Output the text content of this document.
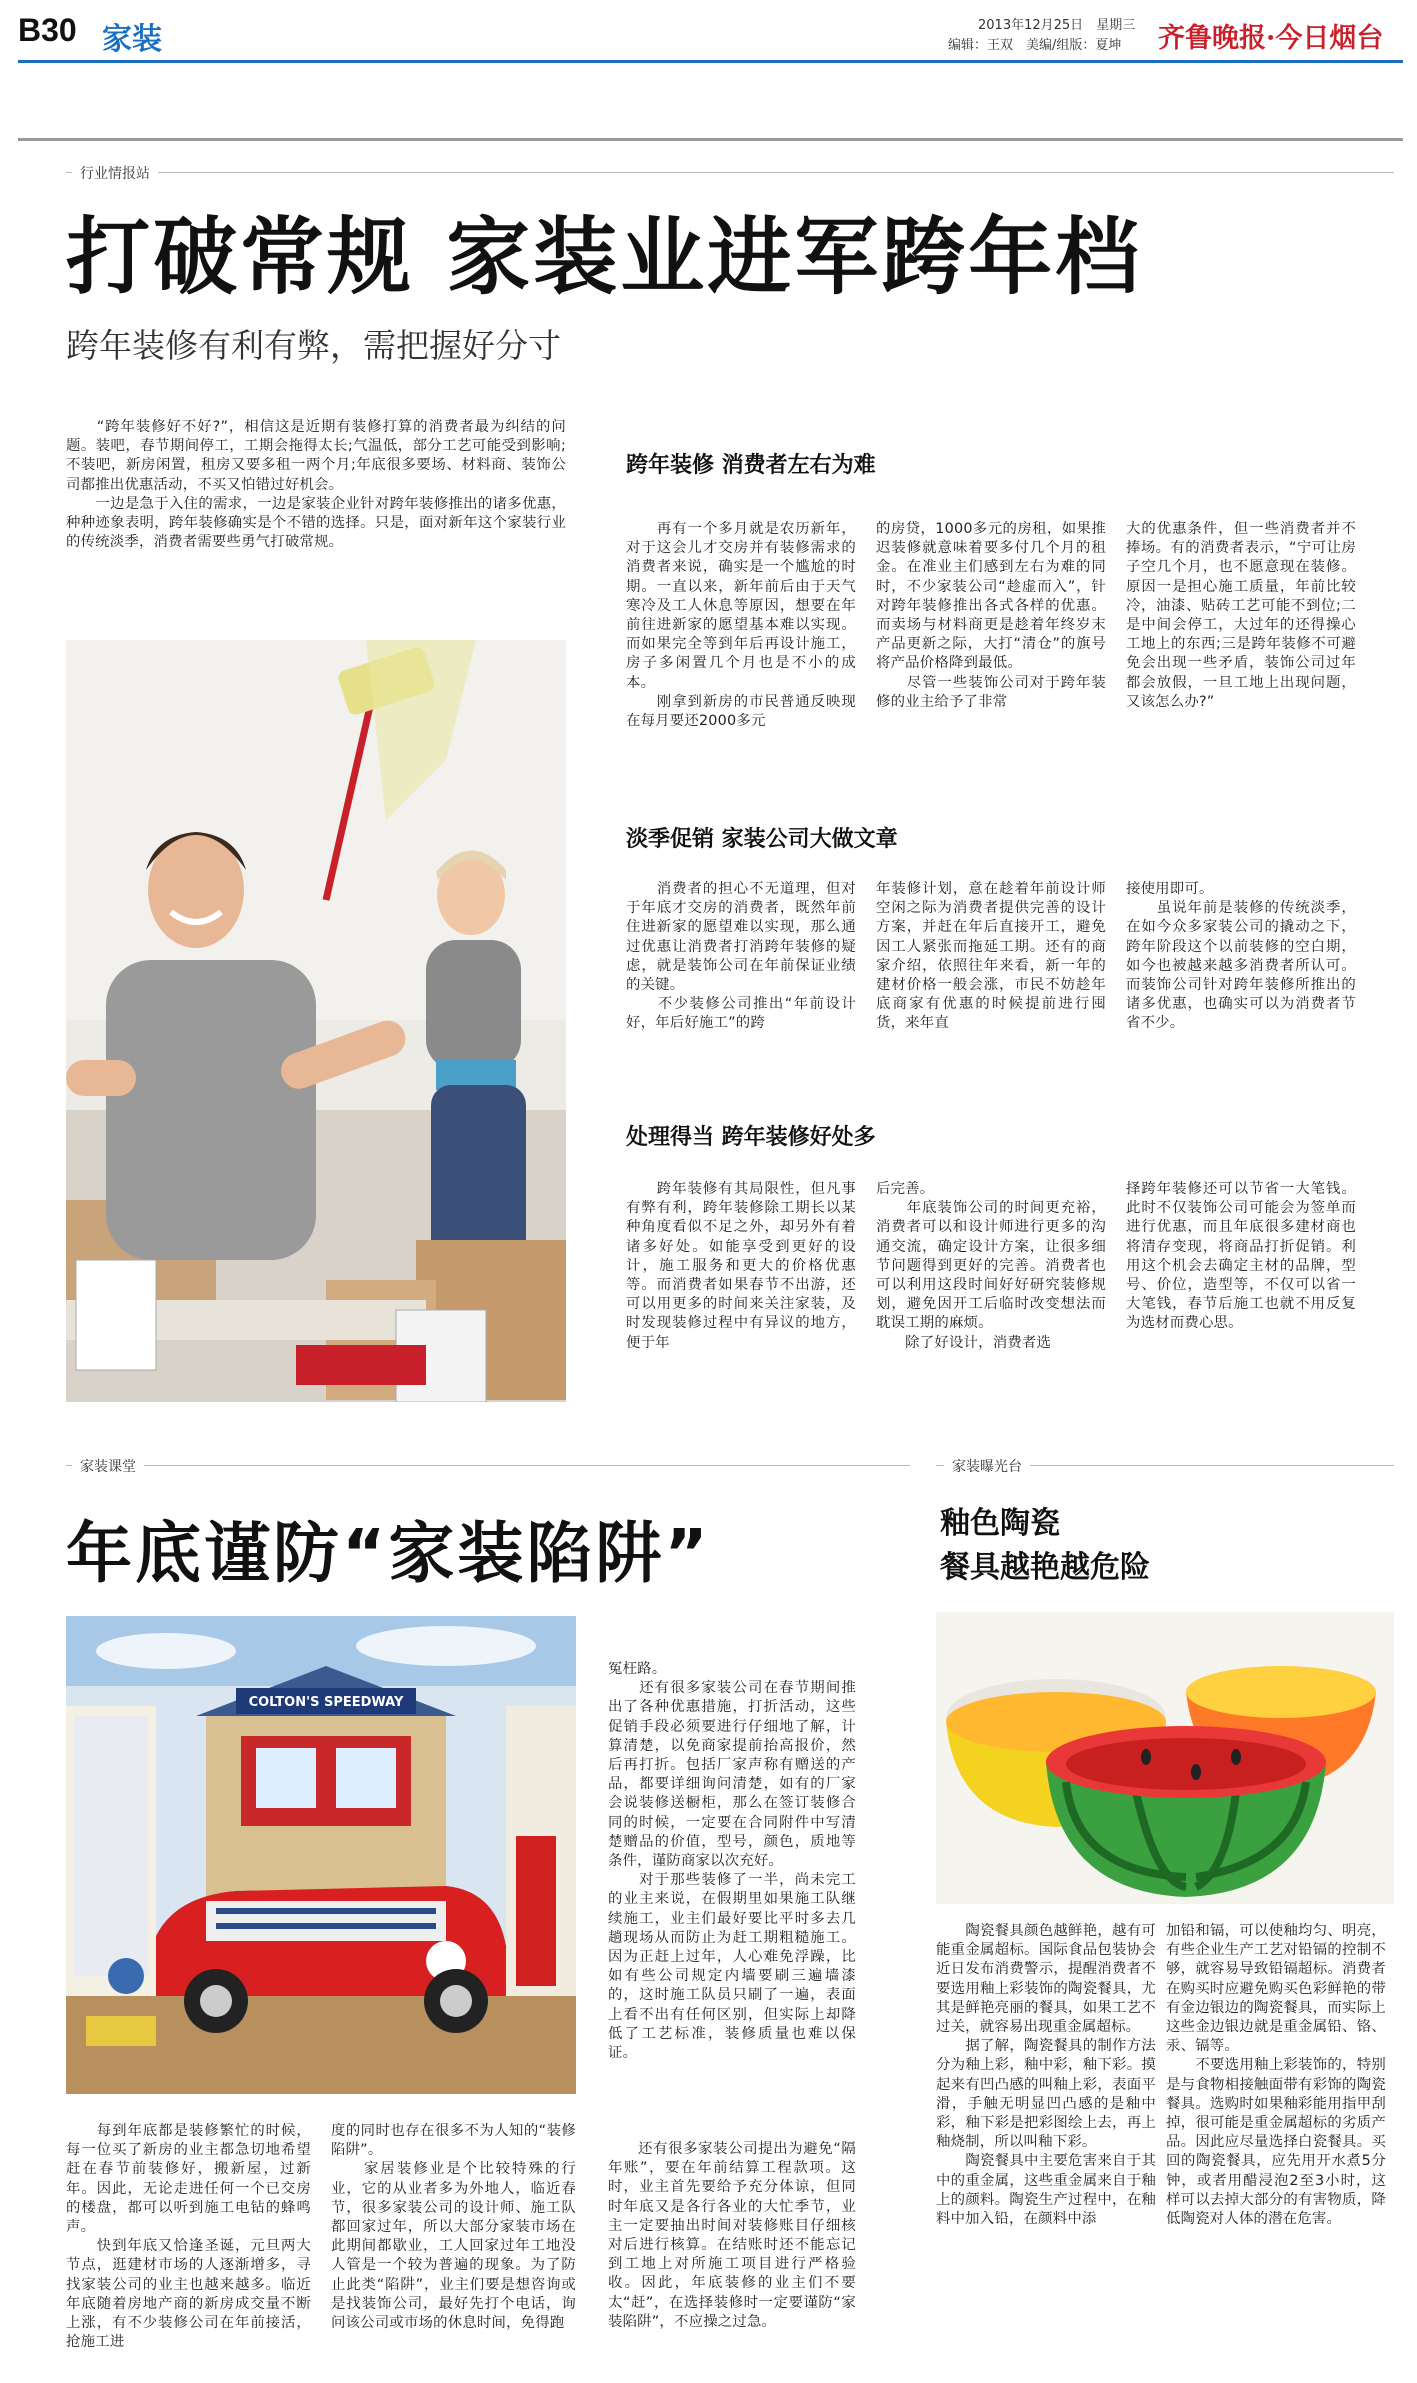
B30 家装	2013年12月25日　 星期三
编辑：王双　美编/组版：夏坤 齐鲁晚报·今日烟台
行业情报站
打破常规 家装业进军跨年档
跨年装修有利有弊，需把握好分寸
　　“跨年装修好不好?”，相信这是近期有装修打算的消费者最为纠结的问题。装吧，春节期间停工，工期会拖得太长;气温低，部分工艺可能受到影响;不装吧，新房闲置，租房又要多租一两个月;年底很多要场、材料商、装饰公司都推出优惠活动，不买又怕错过好机会。
　　一边是急于入住的需求，一边是家装企业针对跨年装修推出的诸多优惠，种种迹象表明，跨年装修确实是个不错的选择。只是，面对新年这个家装行业的传统淡季，消费者需要些勇气打破常规。
跨年装修 消费者左右为难
　　再有一个多月就是农历新年，对于这会儿才交房并有装修需求的消费者来说，确实是一个尴尬的时期。一直以来，新年前后由于天气寒冷及工人休息等原因，想要在年前往进新家的愿望基本难以实现。而如果完全等到年后再设计施工，房子多闲置几个月也是不小的成本。
　　刚拿到新房的市民普通反映现在每月要还2000多元
的房贷，1000多元的房租，如果推迟装修就意味着要多付几个月的租金。在准业主们感到左右为难的同时，不少家装公司“趁虚而入”，针对跨年装修推出各式各样的优惠。而卖场与材料商更是趁着年终岁末产品更新之际，大打“清仓”的旗号将产品价格降到最低。
　　尽管一些装饰公司对于跨年装修的业主给予了非常
大的优惠条件，但一些消费者并不捧场。有的消费者表示，“宁可让房子空几个月，也不愿意现在装修。原因一是担心施工质量，年前比较冷，油漆、贴砖工艺可能不到位;二是中间会停工，大过年的还得操心工地上的东西;三是跨年装修不可避免会出现一些矛盾，装饰公司过年都会放假，一旦工地上出现问题，又该怎么办?”
淡季促销 家装公司大做文章
　　消费者的担心不无道理，但对于年底才交房的消费者，既然年前住进新家的愿望难以实现，那么通过优惠让消费者打消跨年装修的疑虑，就是装饰公司在年前保证业绩的关键。
　　不少装修公司推出“年前设计好，年后好施工”的跨
年装修计划，意在趁着年前设计师空闲之际为消费者提供完善的设计方案，并赶在年后直接开工，避免因工人紧张而拖延工期。还有的商家介绍，依照往年来看，新一年的建材价格一般会涨，市民不妨趁年底商家有优惠的时候提前进行囤货，来年直
接使用即可。
　　虽说年前是装修的传统淡季，在如今众多家装公司的撬动之下，跨年阶段这个以前装修的空白期，如今也被越来越多消费者所认可。而装饰公司针对跨年装修所推出的诸多优惠，也确实可以为消费者节省不少。
处理得当 跨年装修好处多
　　跨年装修有其局限性，但凡事有弊有利，跨年装修除工期长以某种角度看似不足之外，却另外有着诸多好处。如能享受到更好的设计，施工服务和更大的价格优惠等。而消费者如果春节不出游，还可以用更多的时间来关注家装，及时发现装修过程中有异议的地方，便于年
后完善。
　　年底装饰公司的时间更充裕，消费者可以和设计师进行更多的沟通交流，确定设计方案，让很多细节问题得到更好的完善。消费者也可以利用这段时间好好研究装修规划，避免因开工后临时改变想法而耽误工期的麻烦。
　　除了好设计，消费者选
择跨年装修还可以节省一大笔钱。此时不仅装饰公司可能会为签单而进行优惠，而且年底很多建材商也将清存变现，将商品打折促销。利用这个机会去确定主材的品牌，型号、价位，造型等，不仅可以省一大笔钱，春节后施工也就不用反复为选材而费心思。
家装课堂
年底谨防“家装陷阱”
COLTON'S SPEEDWAY
　　每到年底都是装修繁忙的时候，每一位买了新房的业主都急切地希望赶在春节前装修好，搬新屋，过新年。因此，无论走进任何一个已交房的楼盘，都可以听到施工电钻的蜂鸣声。
　　快到年底又恰逢圣诞，元旦两大节点，逛建材市场的人逐渐增多，寻找家装公司的业主也越来越多。临近年底随着房地产商的新房成交量不断上涨，有不少装修公司在年前接活，抢施工进
度的同时也存在很多不为人知的“装修陷阱”。
　　家居装修业是个比较特殊的行业，它的从业者多为外地人，临近春节，很多家装公司的设计师、施工队都回家过年，所以大部分家装市场在此期间都歇业，工人回家过年工地没人管是一个较为普遍的现象。为了防止此类“陷阱”，业主们要是想咨询或是找装饰公司，最好先打个电话，询问该公司或市场的休息时间，免得跑
冤枉路。
　　还有很多家装公司在春节期间推出了各种优惠措施，打折活动，这些促销手段必须要进行仔细地了解，计算清楚，以免商家提前抬高报价，然后再打折。包括厂家声称有赠送的产品，都要详细询问清楚，如有的厂家会说装修送橱柜，那么在签订装修合同的时候，一定要在合同附件中写清楚赠品的价值，型号，颜色，质地等条件，谨防商家以次充好。
　　对于那些装修了一半，尚未完工的业主来说，在假期里如果施工队继续施工，业主们最好要比平时多去几趟现场从而防止为赶工期粗糙施工。因为正赶上过年，人心难免浮躁，比如有些公司规定内墙要刷三遍墙漆的，这时施工队员只刷了一遍，表面上看不出有任何区别，但实际上却降低了工艺标准，装修质量也难以保证。
　　还有很多家装公司提出为避免“隔年账”，要在年前结算工程款项。这时，业主首先要给予充分体谅，但同时年底又是各行各业的大忙季节，业主一定要抽出时间对装修账目仔细核对后进行核算。在结账时还不能忘记到工地上对所施工项目进行严格验收。因此，年底装修的业主们不要太“赶”，在选择装修时一定要谨防“家装陷阱”，不应操之过急。
家装曝光台
釉色陶瓷
餐具越艳越危险
　　陶瓷餐具颜色越鲜艳，越有可能重金属超标。国际食品包装协会近日发布消费警示，提醒消费者不要选用釉上彩装饰的陶瓷餐具，尤其是鲜艳亮丽的餐具，如果工艺不过关，就容易出现重金属超标。
　　据了解，陶瓷餐具的制作方法分为釉上彩，釉中彩，釉下彩。摸起来有凹凸感的叫釉上彩，表面平滑，手触无明显凹凸感的是釉中彩，釉下彩是把彩图绘上去，再上釉烧制，所以叫釉下彩。
　　陶瓷餐具中主要危害来自于其中的重金属，这些重金属来自于釉上的颜料。陶瓷生产过程中，在釉料中加入铅，在颜料中添
加铅和镉，可以使釉均匀、明亮，有些企业生产工艺对铅镉的控制不够，就容易导致铅镉超标。消费者在购买时应避免购买色彩鲜艳的带有金边银边的陶瓷餐具，而实际上这些金边银边就是重金属铅、铬、汞、镉等。
　　不要选用釉上彩装饰的，特别是与食物相接触面带有彩饰的陶瓷餐具。选购时如果釉彩能用指甲刮掉，很可能是重金属超标的劣质产品。因此应尽量选择白瓷餐具。买回的陶瓷餐具，应先用开水煮5分钟，或者用醋浸泡2至3小时，这样可以去掉大部分的有害物质，降低陶瓷对人体的潜在危害。
